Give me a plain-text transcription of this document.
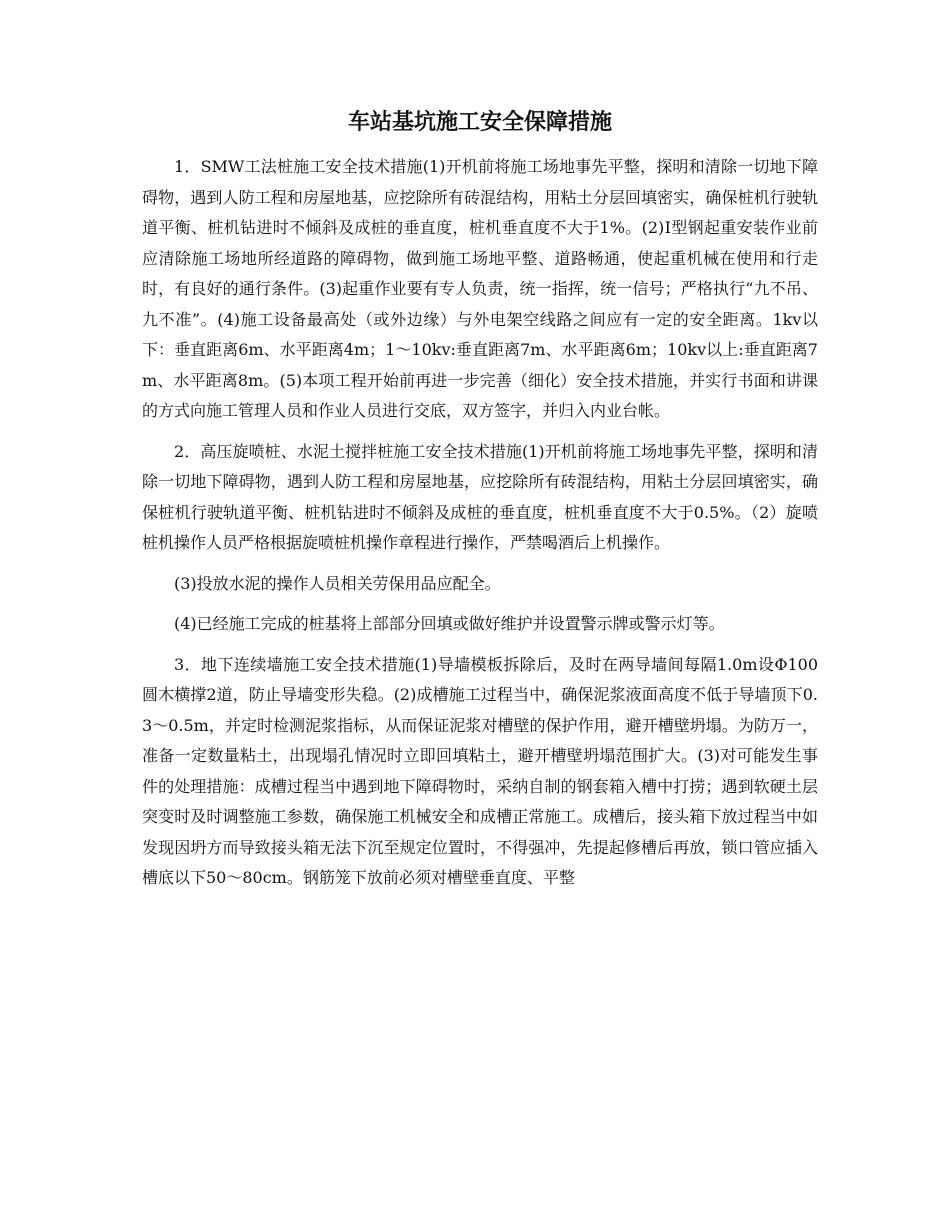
车站基坑施工安全保障措施

1．SMW工法桩施工安全技术措施(1)开机前将施工场地事先平整，探明和清除一切地下障碍物，遇到人防工程和房屋地基，应挖除所有砖混结构，用粘土分层回填密实，确保桩机行驶轨道平衡、桩机钻进时不倾斜及成桩的垂直度，桩机垂直度不大于1%。(2)Ⅰ型钢起重安装作业前应清除施工场地所经道路的障碍物，做到施工场地平整、道路畅通，使起重机械在使用和行走时，有良好的通行条件。(3)起重作业要有专人负责，统一指挥，统一信号；严格执行“九不吊、九不准”。(4)施工设备最高处（或外边缘）与外电架空线路之间应有一定的安全距离。1kv以下：垂直距离6m、水平距离4m；1～10kv:垂直距离7m、水平距离6m；10kv以上:垂直距离7m、水平距离8m。(5)本项工程开始前再进一步完善（细化）安全技术措施，并实行书面和讲课的方式向施工管理人员和作业人员进行交底，双方签字，并归入内业台帐。

2．高压旋喷桩、水泥土搅拌桩施工安全技术措施(1)开机前将施工场地事先平整，探明和清除一切地下障碍物，遇到人防工程和房屋地基，应挖除所有砖混结构，用粘土分层回填密实，确保桩机行驶轨道平衡、桩机钻进时不倾斜及成桩的垂直度，桩机垂直度不大于0.5%。（2）旋喷桩机操作人员严格根据旋喷桩机操作章程进行操作，严禁喝酒后上机操作。

(3)投放水泥的操作人员相关劳保用品应配全。

(4)已经施工完成的桩基将上部部分回填或做好维护并设置警示牌或警示灯等。

3．地下连续墙施工安全技术措施(1)导墙模板拆除后，及时在两导墙间每隔1.0m设Φ100圆木横撑2道，防止导墙变形失稳。(2)成槽施工过程当中，确保泥浆液面高度不低于导墙顶下0.3～0.5m，并定时检测泥浆指标，从而保证泥浆对槽壁的保护作用，避开槽壁坍塌。为防万一，准备一定数量粘土，出现塌孔情况时立即回填粘土，避开槽壁坍塌范围扩大。(3)对可能发生事件的处理措施：成槽过程当中遇到地下障碍物时，采纳自制的钢套箱入槽中打捞；遇到软硬土层突变时及时调整施工参数，确保施工机械安全和成槽正常施工。成槽后，接头箱下放过程当中如发现因坍方而导致接头箱无法下沉至规定位置时，不得强冲，先提起修槽后再放，锁口管应插入槽底以下50～80cm。钢筋笼下放前必须对槽壁垂直度、平整
